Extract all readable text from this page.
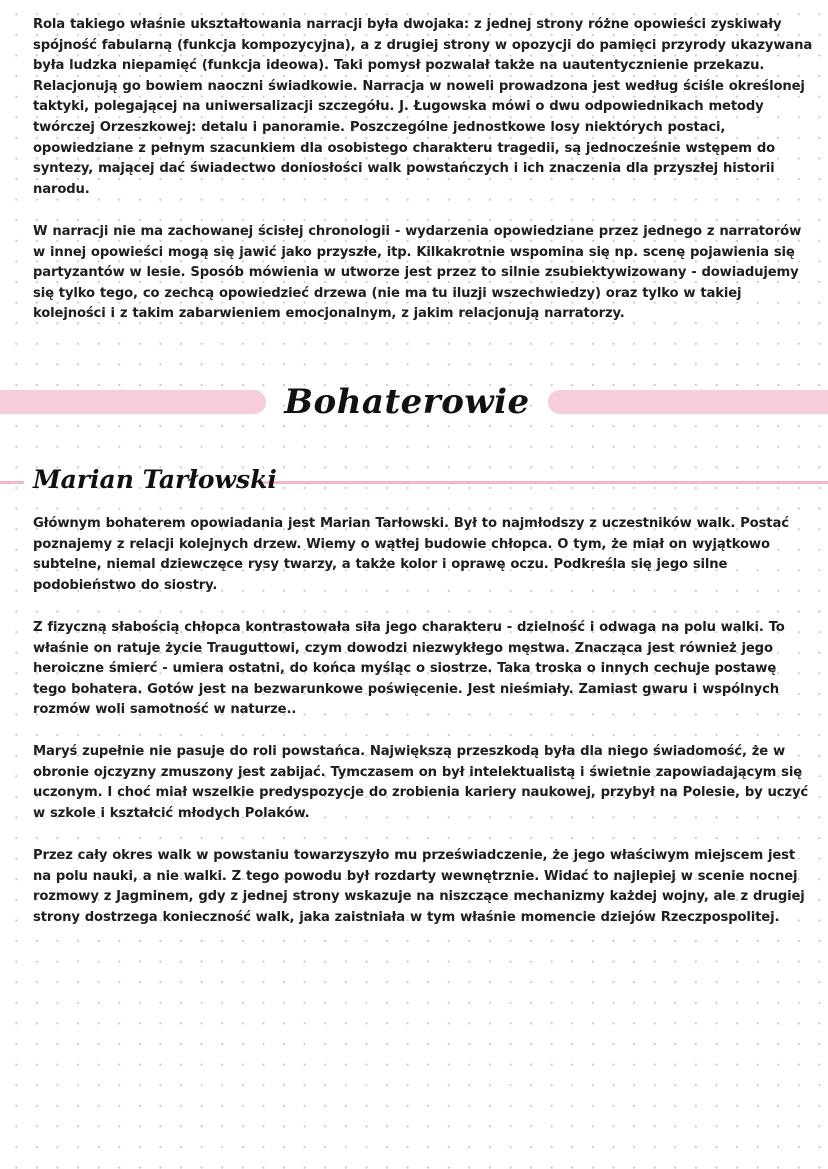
Rola takiego właśnie ukształtowania narracji była dwojaka: z jednej strony różne opowieści zyskiwały spójność fabularną (funkcja kompozycyjna), a z drugiej strony w opozycji do pamięci przyrody ukazywana była ludzka niepamięć (funkcja ideowa). Taki pomysł pozwalał także na uautentycznienie przekazu. Relacjonują go bowiem naoczni świadkowie. Narracja w noweli prowadzona jest według ściśle określonej taktyki, polegającej na uniwersalizacji szczegółu. J. Ługowska mówi o dwu odpowiednikach metody twórczej Orzeszkowej: detalu i panoramie. Poszczególne jednostkowe losy niektórych postaci, opowiedziane z pełnym szacunkiem dla osobistego charakteru tragedii, są jednocześnie wstępem do syntezy, mającej dać świadectwo doniosłości walk powstańczych i ich znaczenia dla przyszłej historii narodu.

W narracji nie ma zachowanej ścisłej chronologii - wydarzenia opowiedziane przez jednego z narratorów w innej opowieści mogą się jawić jako przyszłe, itp. Kilkakrotnie wspomina się np. scenę pojawienia się partyzantów w lesie. Sposób mówienia w utworze jest przez to silnie zsubiektywizowany - dowiadujemy się tylko tego, co zechcą opowiedzieć drzewa (nie ma tu iluzji wszechwiedzy) oraz tylko w takiej kolejności i z takim zabarwieniem emocjonalnym, z jakim relacjonują narratorzy.

Bohaterowie
Marian Tarłowski

Głównym bohaterem opowiadania jest Marian Tarłowski. Był to najmłodszy z uczestników walk. Postać poznajemy z relacji kolejnych drzew. Wiemy o wątłej budowie chłopca. O tym, że miał on wyjątkowo subtelne, niemal dziewczęce rysy twarzy, a także kolor i oprawę oczu. Podkreśla się jego silne podobieństwo do siostry.

Z fizyczną słabością chłopca kontrastowała siła jego charakteru - dzielność i odwaga na polu walki. To właśnie on ratuje życie Trauguttowi, czym dowodzi niezwykłego męstwa. Znacząca jest również jego heroiczne śmierć - umiera ostatni, do końca myśląc o siostrze. Taka troska o innych cechuje postawę tego bohatera. Gotów jest na bezwarunkowe poświęcenie. Jest nieśmiały. Zamiast gwaru i wspólnych rozmów woli samotność w naturze..

Maryś zupełnie nie pasuje do roli powstańca. Największą przeszkodą była dla niego świadomość, że w obronie ojczyzny zmuszony jest zabijać. Tymczasem on był intelektualistą i świetnie zapowiadającym się uczonym. I choć miał wszelkie predyspozycje do zrobienia kariery naukowej, przybył na Polesie, by uczyć w szkole i kształcić młodych Polaków.

Przez cały okres walk w powstaniu towarzyszyło mu przeświadczenie, że jego właściwym miejscem jest na polu nauki, a nie walki. Z tego powodu był rozdarty wewnętrznie. Widać to najlepiej w scenie nocnej rozmowy z Jagminem, gdy z jednej strony wskazuje na niszczące mechanizmy każdej wojny, ale z drugiej strony dostrzega konieczność walk, jaka zaistniała w tym właśnie momencie dziejów Rzeczpospolitej.
